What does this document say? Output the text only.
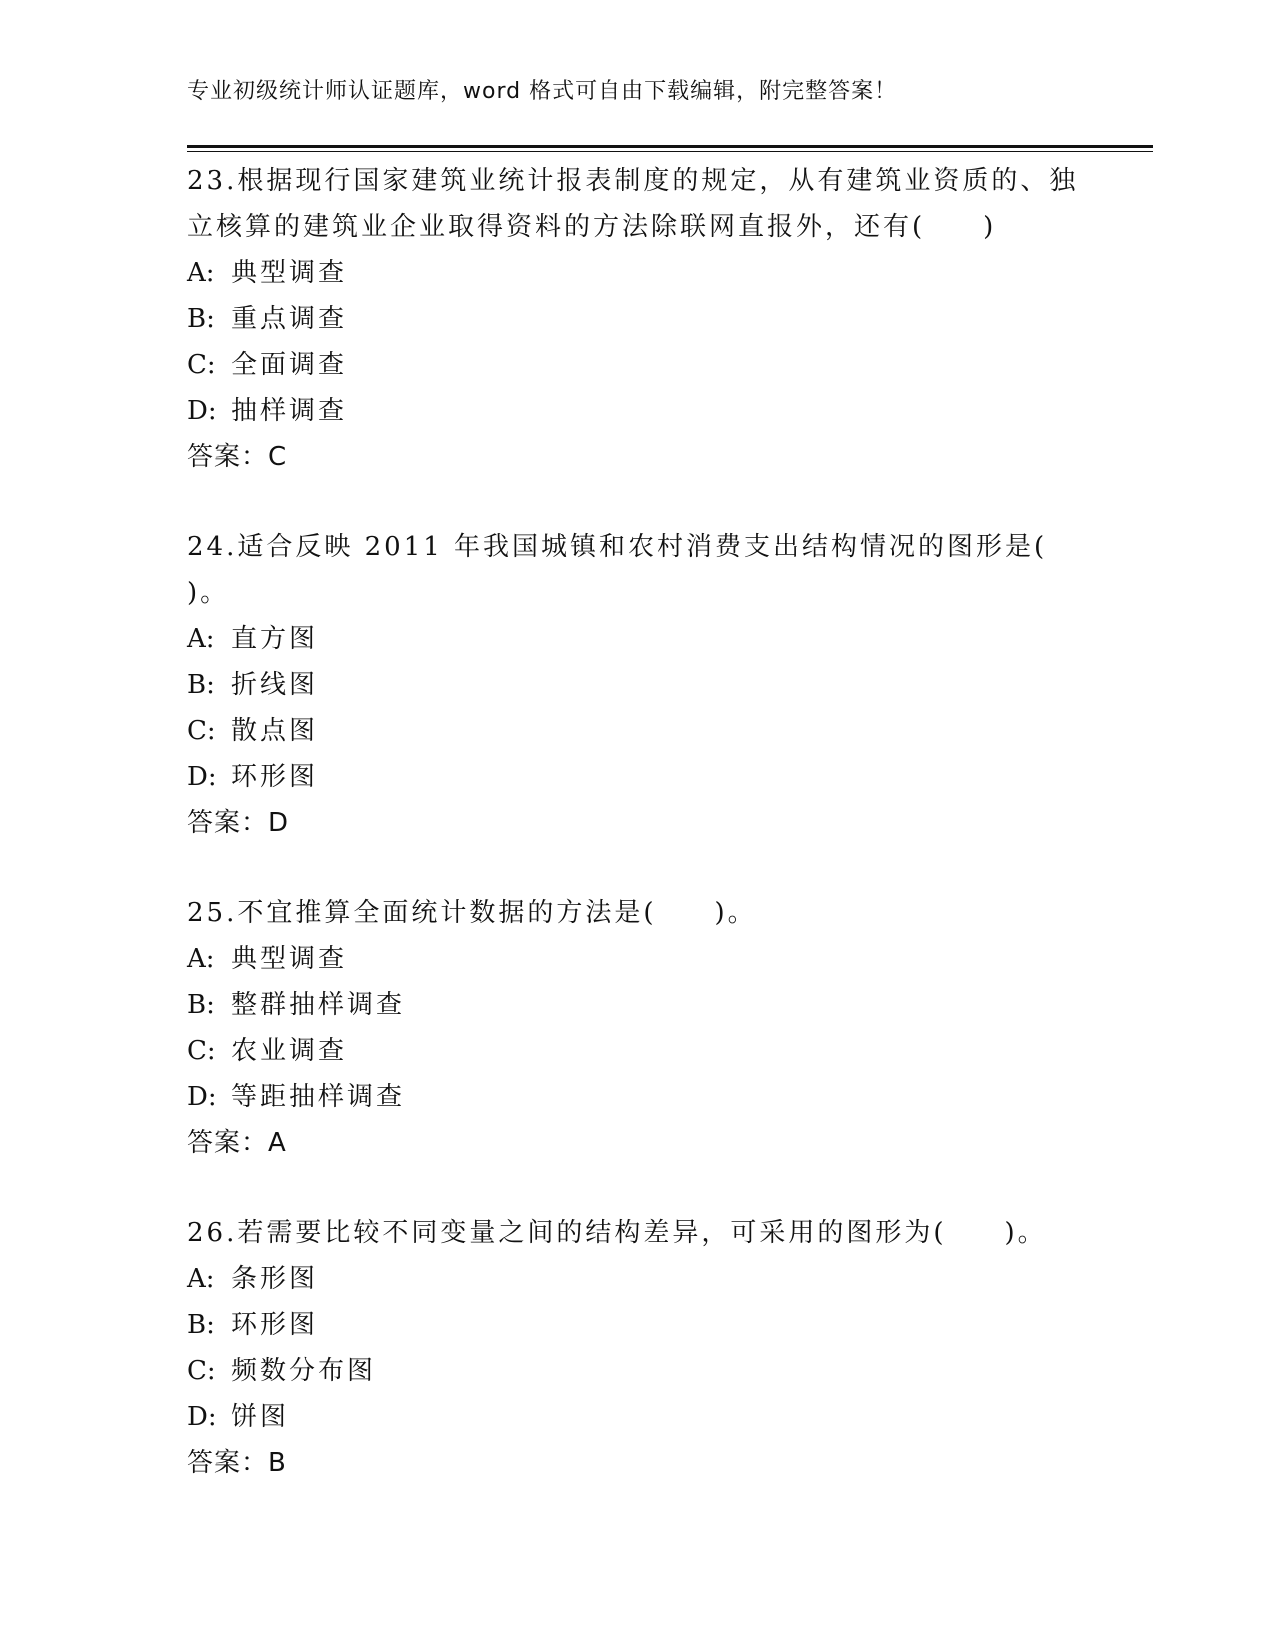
专业初级统计师认证题库，word 格式可自由下载编辑，附完整答案！
23.根据现行国家建筑业统计报表制度的规定，从有建筑业资质的、独
立核算的建筑业企业取得资料的方法除联网直报外，还有(　　)
A: 典型调查
B: 重点调查
C: 全面调查
D: 抽样调查
答案：C
24.适合反映 2011 年我国城镇和农村消费支出结构情况的图形是(
)。
A: 直方图
B: 折线图
C: 散点图
D: 环形图
答案：D
25.不宜推算全面统计数据的方法是(　　)。
A: 典型调查
B: 整群抽样调查
C: 农业调查
D: 等距抽样调查
答案：A
26.若需要比较不同变量之间的结构差异，可采用的图形为(　　)。
A: 条形图
B: 环形图
C: 频数分布图
D: 饼图
答案：B
